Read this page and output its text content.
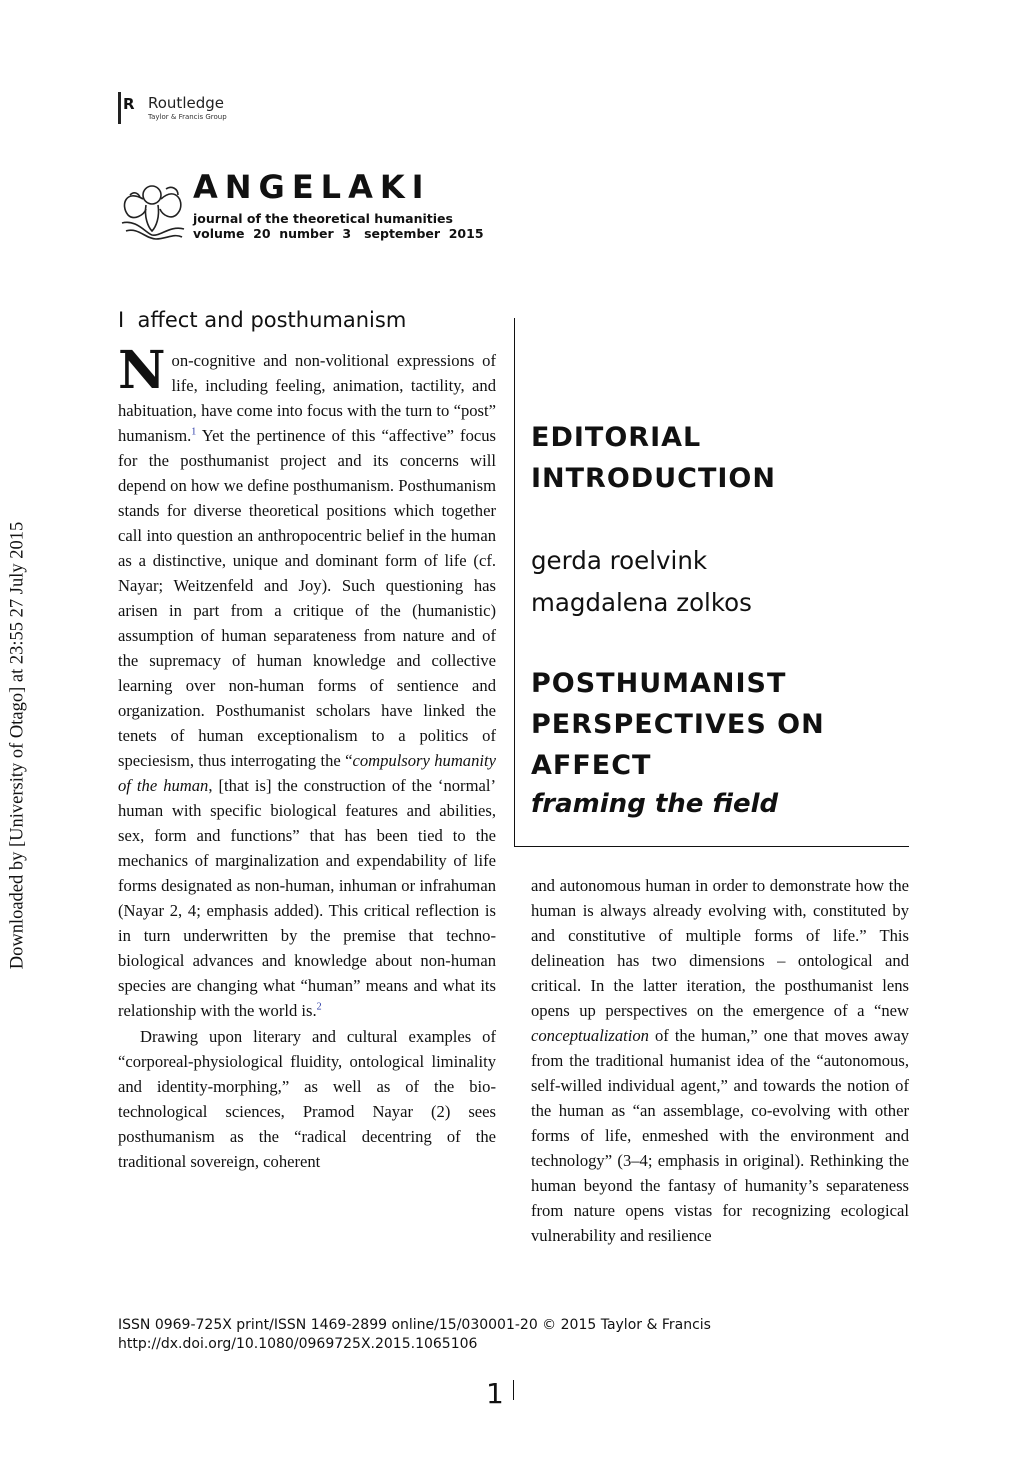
R Routledge
Taylor & Francis Group
ANGELAKI
journal of the theoretical humanities
volume  20  number  3   september  2015
I  affect and posthumanism

Non-cognitive and non-volitional expressions of life, including feeling, animation, tactility, and habituation, have come into focus with the turn to “post” humanism.$^1$ Yet the pertinence of this “affective” focus for the posthumanist project and its concerns will depend on how we define posthumanism. Posthumanism stands for diverse theoretical positions which together call into question an anthropocentric belief in the human as a distinctive, unique and dominant form of life (cf. Nayar; Weitzenfeld and Joy). Such questioning has arisen in part from a critique of the (humanistic) assumption of human separateness from nature and of the supremacy of human knowledge and collective learning over non-human forms of sentience and organization. Posthumanist scholars have linked the tenets of human exceptionalism to a politics of speciesism, thus interrogating the “compulsory humanity of the human, [that is] the construction of the ‘normal’ human with specific biological features and abilities, sex, form and functions” that has been tied to the mechanics of marginalization and expendability of life forms designated as non-human, inhuman or infrahuman (Nayar 2, 4; emphasis added). This critical reflection is in turn underwritten by the premise that techno-biological advances and knowledge about non-human species are changing what “human” means and what its relationship with the world is.$^2$

Drawing upon literary and cultural examples of “corporeal-physiological fluidity, ontological liminality and identity-morphing,” as well as of the bio-technological sciences, Pramod Nayar (2) sees posthumanism as the “radical decentring of the traditional sovereign, coherent

Downloaded by [University of Otago] at 23:55 27 July 2015
EDITORIAL
INTRODUCTION
gerda roelvink
magdalena zolkos
POSTHUMANIST
PERSPECTIVES ON
AFFECT
framing the field

and autonomous human in order to demonstrate how the human is always already evolving with, constituted by and constitutive of multiple forms of life.” This delineation has two dimensions – ontological and critical. In the latter iteration, the posthumanist lens opens up perspectives on the emergence of a “new conceptualization of the human,” one that moves away from the traditional humanist idea of the “autonomous, self-willed individual agent,” and towards the notion of the human as “an assemblage, co-evolving with other forms of life, enmeshed with the environment and technology” (3–4; emphasis in original). Rethinking the human beyond the fantasy of humanity’s separateness from nature opens vistas for recognizing ecological vulnerability and resilience

ISSN 0969-725X print/ISSN 1469-2899 online/15/030001-20 © 2015 Taylor & Francis
http://dx.doi.org/10.1080/0969725X.2015.1065106
1
